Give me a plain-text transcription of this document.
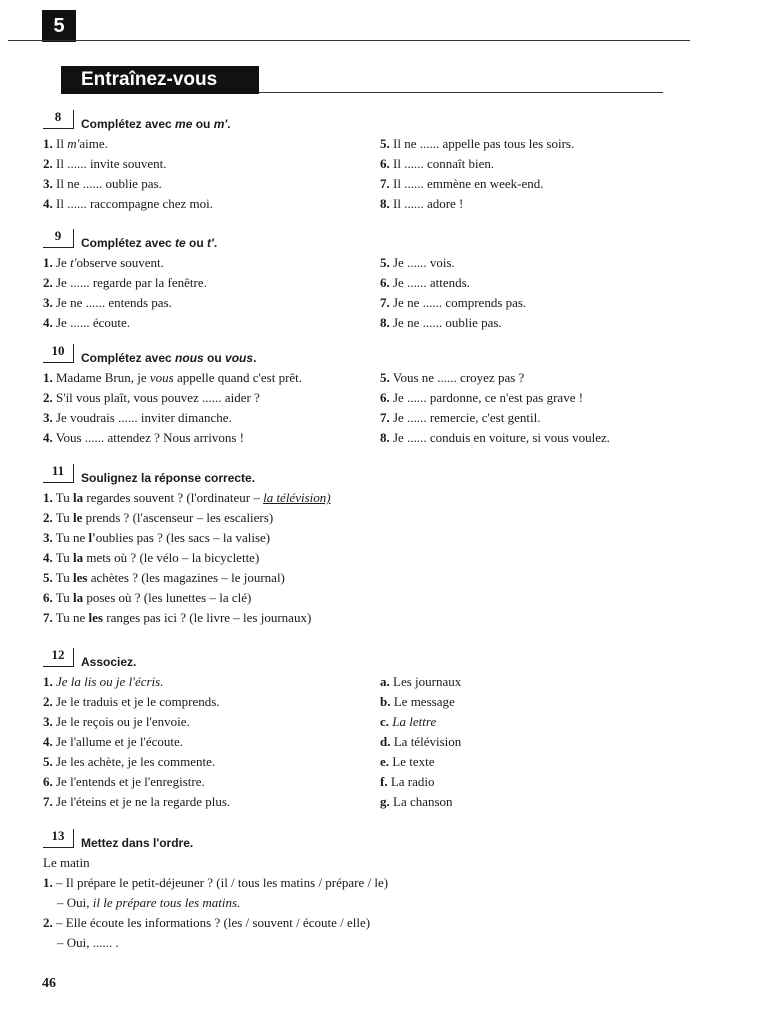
5
Entraînez-vous
8	Complétez avec me ou m'.
1. Il m'aime.
2. Il ...... invite souvent.
3. Il ne ...... oublie pas.
4. Il ...... raccompagne chez moi.
5. Il ne ...... appelle pas tous les soirs.
6. Il ...... connaît bien.
7. Il ...... emmène en week-end.
8. Il ...... adore !
9	Complétez avec te ou t'.
1. Je t'observe souvent.
2. Je ...... regarde par la fenêtre.
3. Je ne ...... entends pas.
4. Je ...... écoute.
5. Je ...... vois.
6. Je ...... attends.
7. Je ne ...... comprends pas.
8. Je ne ...... oublie pas.
10	Complétez avec nous ou vous.
1. Madame Brun, je vous appelle quand c'est prêt.
2. S'il vous plaît, vous pouvez ...... aider ?
3. Je voudrais ...... inviter dimanche.
4. Vous ...... attendez ? Nous arrivons !
5. Vous ne ...... croyez pas ?
6. Je ...... pardonne, ce n'est pas grave !
7. Je ...... remercie, c'est gentil.
8. Je ...... conduis en voiture, si vous voulez.
11	Soulignez la réponse correcte.
1. Tu la regardes souvent ? (l'ordinateur – la télévision)
2. Tu le prends ? (l'ascenseur – les escaliers)
3. Tu ne l'oublies pas ? (les sacs – la valise)
4. Tu la mets où ? (le vélo – la bicyclette)
5. Tu les achètes ? (les magazines – le journal)
6. Tu la poses où ? (les lunettes – la clé)
7. Tu ne les ranges pas ici ? (le livre – les journaux)
12	Associez.
1. Je la lis ou je l'écris.
2. Je le traduis et je le comprends.
3. Je le reçois ou je l'envoie.
4. Je l'allume et je l'écoute.
5. Je les achète, je les commente.
6. Je l'entends et je l'enregistre.
7. Je l'éteins et je ne la regarde plus.
a. Les journaux
b. Le message
c. La lettre
d. La télévision
e. Le texte
f. La radio
g. La chanson
13	Mettez dans l'ordre.
Le matin
1. – Il prépare le petit-déjeuner ? (il / tous les matins / prépare / le)
– Oui, il le prépare tous les matins.
2. – Elle écoute les informations ? (les / souvent / écoute / elle)
– Oui, ...... .
46
